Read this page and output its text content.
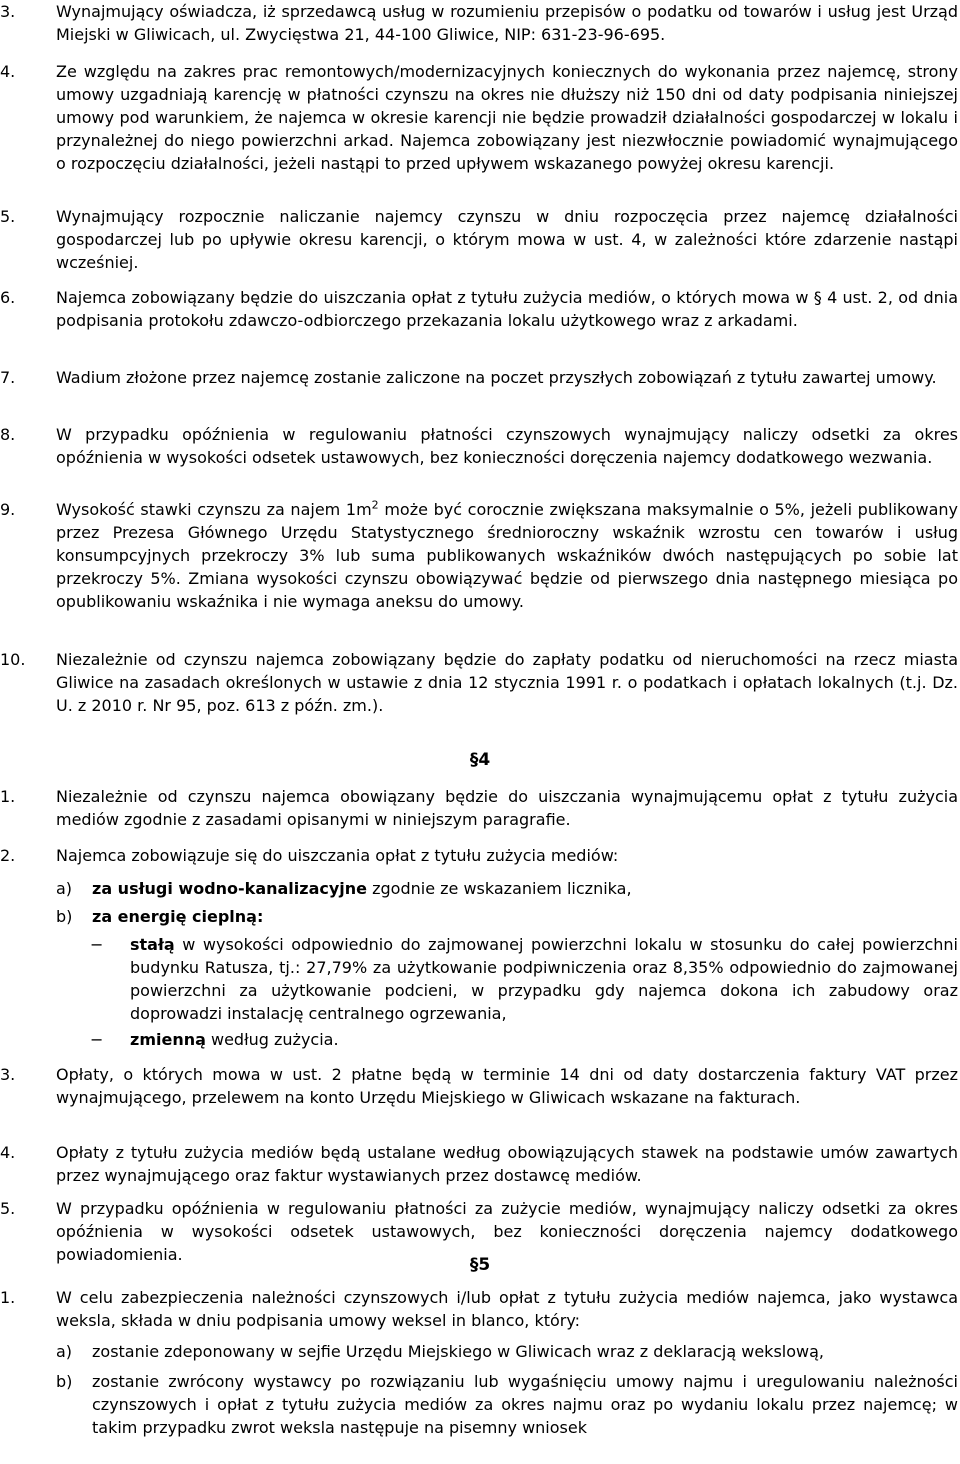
3.	Wynajmujący oświadcza, iż sprzedawcą usług w rozumieniu przepisów o podatku od towarów i usług jest Urząd Miejski w Gliwicach, ul. Zwycięstwa 21, 44-100 Gliwice, NIP: 631-23-96-695.
4.	Ze względu na zakres prac remontowych/modernizacyjnych koniecznych do wykonania przez najemcę, strony umowy uzgadniają karencję w płatności czynszu na okres nie dłuższy niż 150 dni od daty podpisania niniejszej umowy pod warunkiem, że najemca w okresie karencji nie będzie prowadził działalności gospodarczej w lokalu i przynależnej do niego powierzchni arkad. Najemca zobowiązany jest niezwłocznie powiadomić wynajmującego o rozpoczęciu działalności, jeżeli nastąpi to przed upływem wskazanego powyżej okresu karencji.
5.	Wynajmujący rozpocznie naliczanie najemcy czynszu w dniu rozpoczęcia przez najemcę działalności gospodarczej lub po upływie okresu karencji, o którym mowa w ust. 4, w zależności które zdarzenie nastąpi wcześniej.
6.	Najemca zobowiązany będzie do uiszczania opłat z tytułu zużycia mediów, o których mowa w § 4 ust. 2, od dnia podpisania protokołu zdawczo-odbiorczego przekazania lokalu użytkowego wraz z arkadami.
7.	Wadium złożone przez najemcę zostanie zaliczone na poczet przyszłych zobowiązań z tytułu zawartej umowy.
8.	W przypadku opóźnienia w regulowaniu płatności czynszowych wynajmujący naliczy odsetki za okres opóźnienia w wysokości odsetek ustawowych, bez konieczności doręczenia najemcy dodatkowego wezwania.
9.	Wysokość stawki czynszu za najem $1m^2$ może być corocznie zwiększana maksymalnie o 5%, jeżeli publikowany przez Prezesa Głównego Urzędu Statystycznego średnioroczny wskaźnik wzrostu cen towarów i usług konsumpcyjnych przekroczy 3% lub suma publikowanych wskaźników dwóch następujących po sobie lat przekroczy 5%. Zmiana wysokości czynszu obowiązywać będzie od pierwszego dnia następnego miesiąca po opublikowaniu wskaźnika i nie wymaga aneksu do umowy.
10.	Niezależnie od czynszu najemca zobowiązany będzie do zapłaty podatku od nieruchomości na rzecz miasta Gliwice na zasadach określonych w ustawie z dnia 12 stycznia 1991 r. o podatkach i opłatach lokalnych (t.j. Dz. U. z 2010 r. Nr 95, poz. 613 z późn. zm.).
§4
1.	Niezależnie od czynszu najemca obowiązany będzie do uiszczania wynajmującemu opłat z tytułu zużycia mediów zgodnie z zasadami opisanymi w niniejszym paragrafie.
2.	Najemca zobowiązuje się do uiszczania opłat z tytułu zużycia mediów:
a)	za usługi wodno-kanalizacyjne zgodnie ze wskazaniem licznika,
b)	za energię cieplną:
−	stałą w wysokości odpowiednio do zajmowanej powierzchni lokalu w stosunku do całej powierzchni budynku Ratusza, tj.: 27,79% za użytkowanie podpiwniczenia oraz 8,35% odpowiednio do zajmowanej powierzchni za użytkowanie podcieni, w przypadku gdy najemca dokona ich zabudowy oraz doprowadzi instalację centralnego ogrzewania,
−	zmienną według zużycia.
3.	Opłaty, o których mowa w ust. 2 płatne będą w terminie 14 dni od daty dostarczenia faktury VAT przez wynajmującego, przelewem na konto Urzędu Miejskiego w Gliwicach wskazane na fakturach.
4.	Opłaty z tytułu zużycia mediów będą ustalane według obowiązujących stawek na podstawie umów zawartych przez wynajmującego oraz faktur wystawianych przez dostawcę mediów.
5.	W przypadku opóźnienia w regulowaniu płatności za zużycie mediów, wynajmujący naliczy odsetki za okres opóźnienia w wysokości odsetek ustawowych, bez konieczności doręczenia najemcy dodatkowego powiadomienia.
§5
1.	W celu zabezpieczenia należności czynszowych i/lub opłat z tytułu zużycia mediów najemca, jako wystawca weksla, składa w dniu podpisania umowy weksel in blanco, który:
a)	zostanie zdeponowany w sejfie Urzędu Miejskiego w Gliwicach wraz z deklaracją wekslową,
b)	zostanie zwrócony wystawcy po rozwiązaniu lub wygaśnięciu umowy najmu i uregulowaniu należności czynszowych i opłat z tytułu zużycia mediów za okres najmu oraz po wydaniu lokalu przez najemcę; w takim przypadku zwrot weksla następuje na pisemny wniosek
